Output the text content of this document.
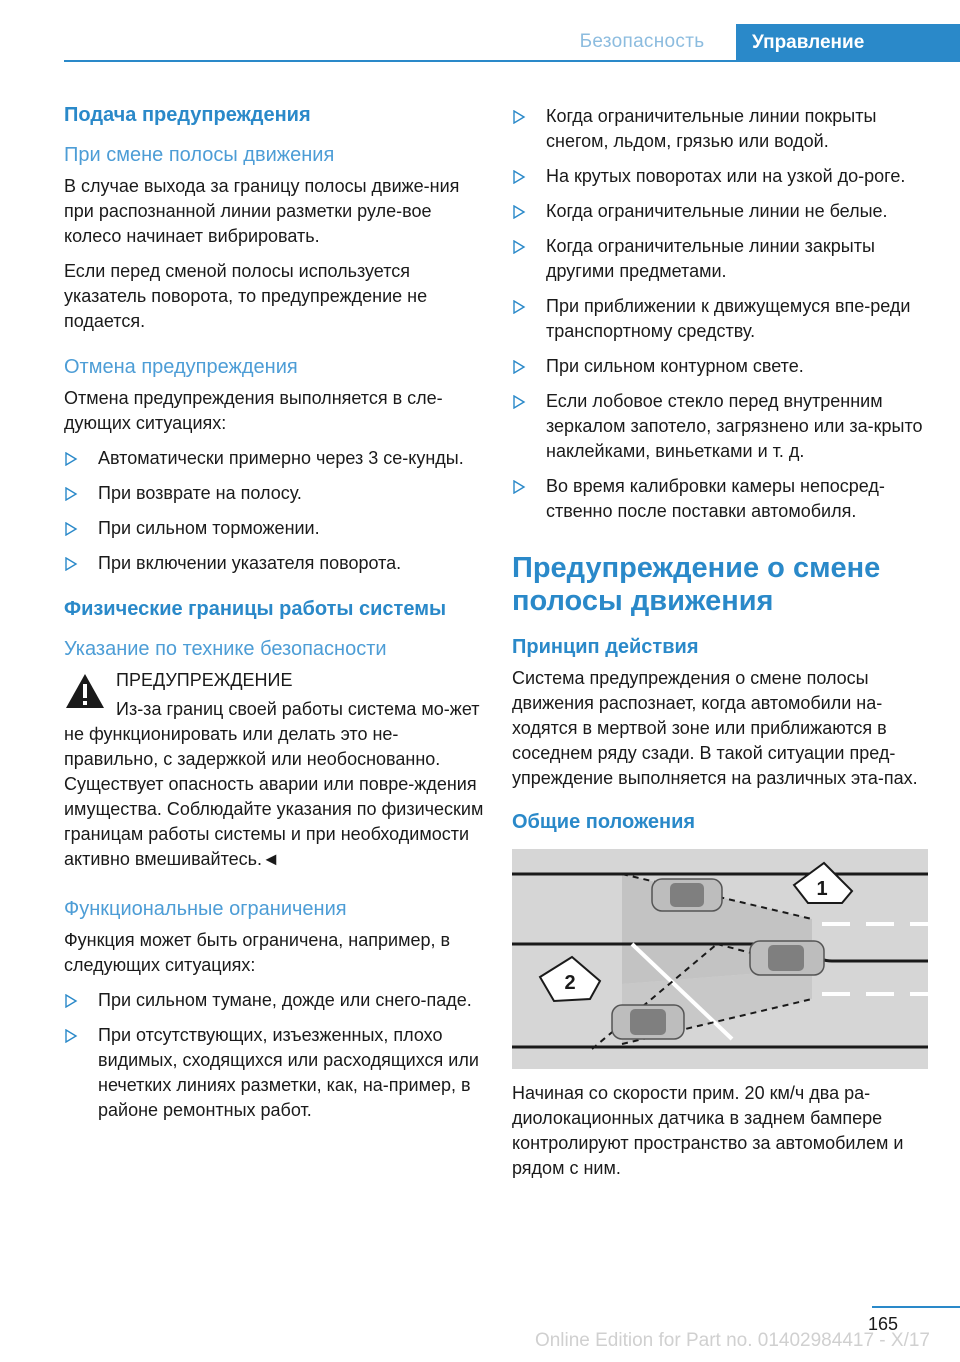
Безопасность	Управление
Подача предупреждения
При смене полосы движения

В случае выхода за границу полосы движе-ния при распознанной линии разметки руле-вое колесо начинает вибрировать.

Если перед сменой полосы используется указатель поворота, то предупреждение не подается.

Отмена предупреждения

Отмена предупреждения выполняется в сле-дующих ситуациях:

Автоматически примерно через 3 се-кунды.
При возврате на полосу.
При сильном торможении.
При включении указателя поворота.
Физические границы работы системы
Указание по технике безопасности
ПРЕДУПРЕЖДЕНИЕ
Из-за границ своей работы система мо-жет не функционировать или делать это не-правильно, с задержкой или необоснованно. Существует опасность аварии или повре-ждения имущества. Соблюдайте указания по физическим границам работы системы и при необходимости активно вмешивайтесь.◄
Функциональные ограничения

Функция может быть ограничена, например, в следующих ситуациях:

При сильном тумане, дожде или снего-паде.
При отсутствующих, изъезженных, плохо видимых, сходящихся или расходящихся или нечетких линиях разметки, как, на-пример, в районе ремонтных работ.
Когда ограничительные линии покрыты снегом, льдом, грязью или водой.
На крутых поворотах или на узкой до-роге.
Когда ограничительные линии не белые.
Когда ограничительные линии закрыты другими предметами.
При приближении к движущемуся впе-реди транспортному средству.
При сильном контурном свете.
Если лобовое стекло перед внутренним зеркалом запотело, загрязнено или за-крыто наклейками, виньетками и т. д.
Во время калибровки камеры непосред-ственно после поставки автомобиля.
Предупреждение о смене полосы движения
Принцип действия

Система предупреждения о смене полосы движения распознает, когда автомобили на-ходятся в мертвой зоне или приближаются в соседнем ряду сзади. В такой ситуации пред-упреждение выполняется на различных эта-пах.

Общие положения
1
2

Начиная со скорости прим. 20 км/ч два ра-диолокационных датчика в заднем бампере контролируют пространство за автомобилем и рядом с ним.

165
Online Edition for Part no. 01402984417 - X/17
